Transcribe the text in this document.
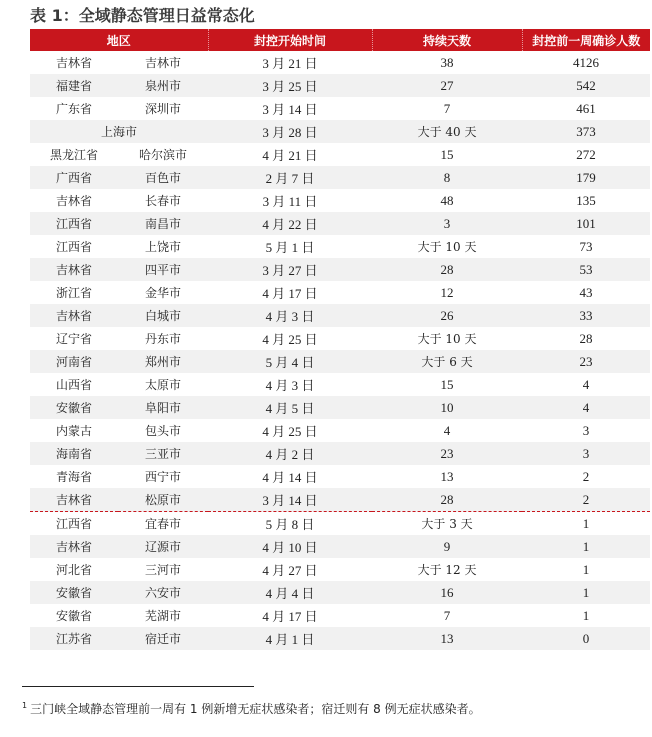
表 1：全域静态管理日益常态化
地区		封控开始时间	持续天数	封控前一周确诊人数
吉林省	吉林市	3 月 21 日	38	4126
福建省	泉州市	3 月 25 日	27	542
广东省	深圳市	3 月 14 日	7	461
上海市		3 月 28 日	大于 40 天	373
黑龙江省	哈尔滨市	4 月 21 日	15	272
广西省	百色市	2 月 7 日	8	179
吉林省	长春市	3 月 11 日	48	135
江西省	南昌市	4 月 22 日	3	101
江西省	上饶市	5 月 1 日	大于 10 天	73
吉林省	四平市	3 月 27 日	28	53
浙江省	金华市	4 月 17 日	12	43
吉林省	白城市	4 月 3 日	26	33
辽宁省	丹东市	4 月 25 日	大于 10 天	28
河南省	郑州市	5 月 4 日	大于 6 天	23
山西省	太原市	4 月 3 日	15	4
安徽省	阜阳市	4 月 5 日	10	4
内蒙古	包头市	4 月 25 日	4	3
海南省	三亚市	4 月 2 日	23	3
青海省	西宁市	4 月 14 日	13	2
吉林省	松原市	3 月 14 日	28	2
江西省	宜春市	5 月 8 日	大于 3 天	1
吉林省	辽源市	4 月 10 日	9	1
河北省	三河市	4 月 27 日	大于 12 天	1
安徽省	六安市	4 月 4 日	16	1
安徽省	芜湖市	4 月 17 日	7	1
江苏省	宿迁市	4 月 1 日	13	0
$^1$ 三门峡全域静态管理前一周有 1 例新增无症状感染者；宿迁则有 8 例无症状感染者。
